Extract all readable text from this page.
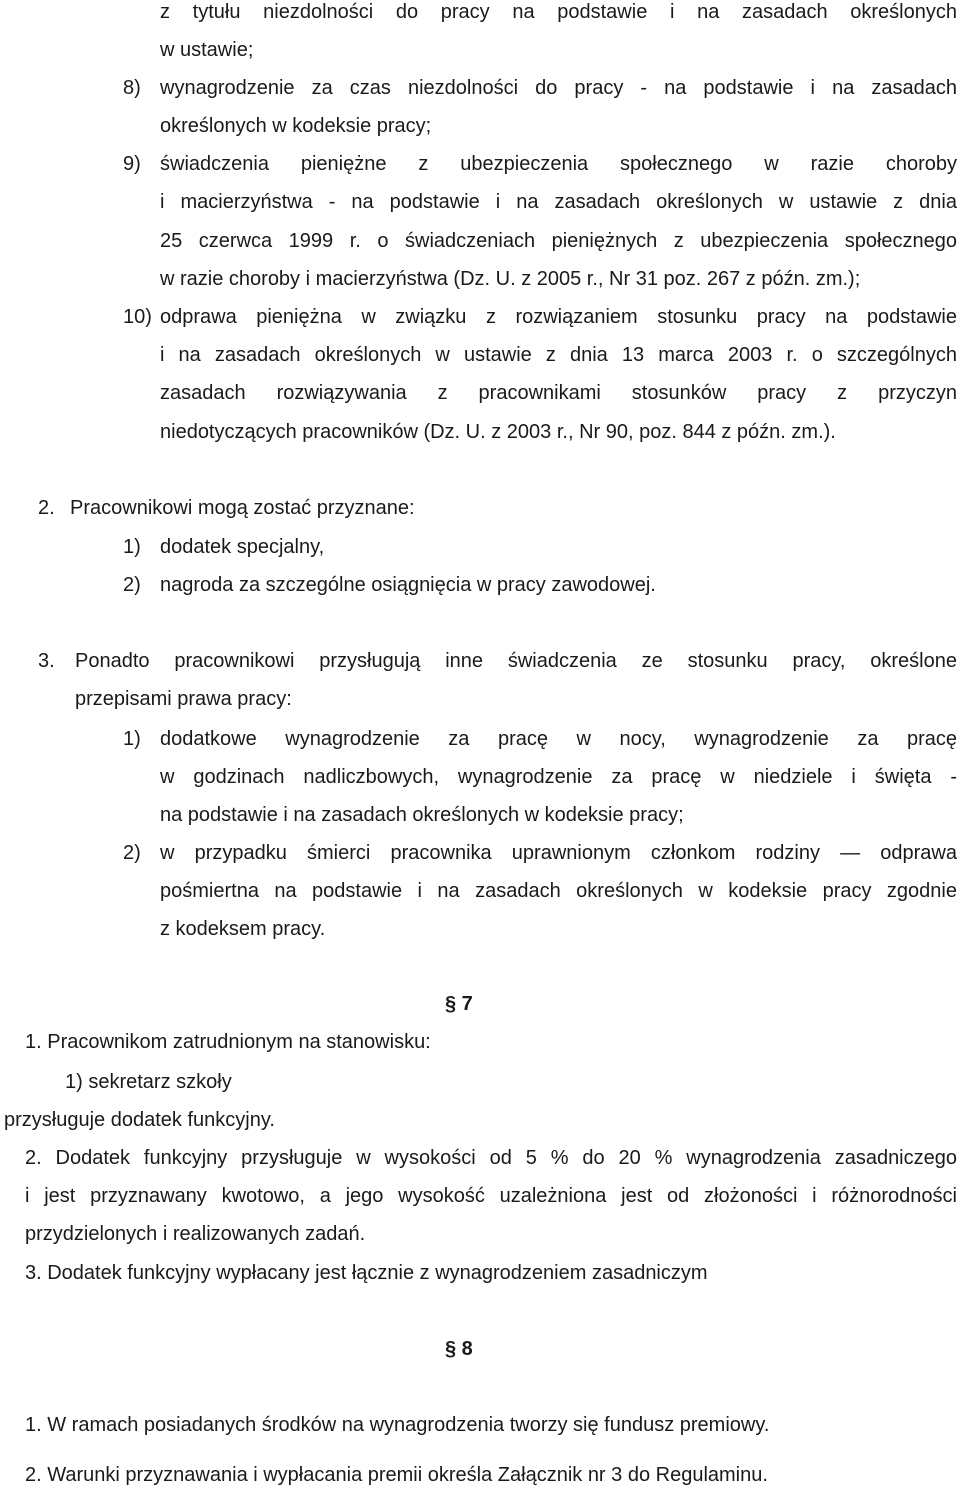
z tytułu niezdolności do pracy na podstawie i na zasadach określonych
w ustawie;
8) wynagrodzenie za czas niezdolności do pracy - na podstawie i na zasadach
określonych w kodeksie pracy;
9) świadczenia pieniężne z ubezpieczenia społecznego w razie choroby
i macierzyństwa - na podstawie i na zasadach określonych w ustawie z dnia
25 czerwca 1999 r. o świadczeniach pieniężnych z ubezpieczenia społecznego
w razie choroby i macierzyństwa (Dz. U. z 2005 r., Nr 31 poz. 267 z późn. zm.);
10) odprawa pieniężna w związku z rozwiązaniem stosunku pracy na podstawie
i na zasadach określonych w ustawie z dnia 13 marca 2003 r. o szczególnych
zasadach rozwiązywania z pracownikami stosunków pracy z przyczyn
niedotyczących pracowników (Dz. U. z 2003 r., Nr 90, poz. 844 z późn. zm.).
2. Pracownikowi mogą zostać przyznane:
1) dodatek specjalny,
2) nagroda za szczególne osiągnięcia w pracy zawodowej.
3. Ponadto pracownikowi przysługują inne świadczenia ze stosunku pracy, określone
przepisami prawa pracy:
1) dodatkowe wynagrodzenie za pracę w nocy, wynagrodzenie za pracę
w godzinach nadliczbowych, wynagrodzenie za pracę w niedziele i święta -
na podstawie i na zasadach określonych w kodeksie pracy;
2) w przypadku śmierci pracownika uprawnionym członkom rodziny — odprawa
pośmiertna na podstawie i na zasadach określonych w kodeksie pracy zgodnie
z kodeksem pracy.
§ 7
1. Pracownikom zatrudnionym na stanowisku:
1) sekretarz szkoły
przysługuje dodatek funkcyjny.
2. Dodatek funkcyjny przysługuje w wysokości od 5 % do 20 % wynagrodzenia zasadniczego
i jest przyznawany kwotowo, a jego wysokość uzależniona jest od złożoności i różnorodności
przydzielonych i realizowanych zadań.
3. Dodatek funkcyjny wypłacany jest łącznie z wynagrodzeniem zasadniczym
§ 8
1. W ramach posiadanych środków na wynagrodzenia tworzy się fundusz premiowy.
2. Warunki przyznawania i wypłacania premii określa Załącznik nr 3 do Regulaminu.
